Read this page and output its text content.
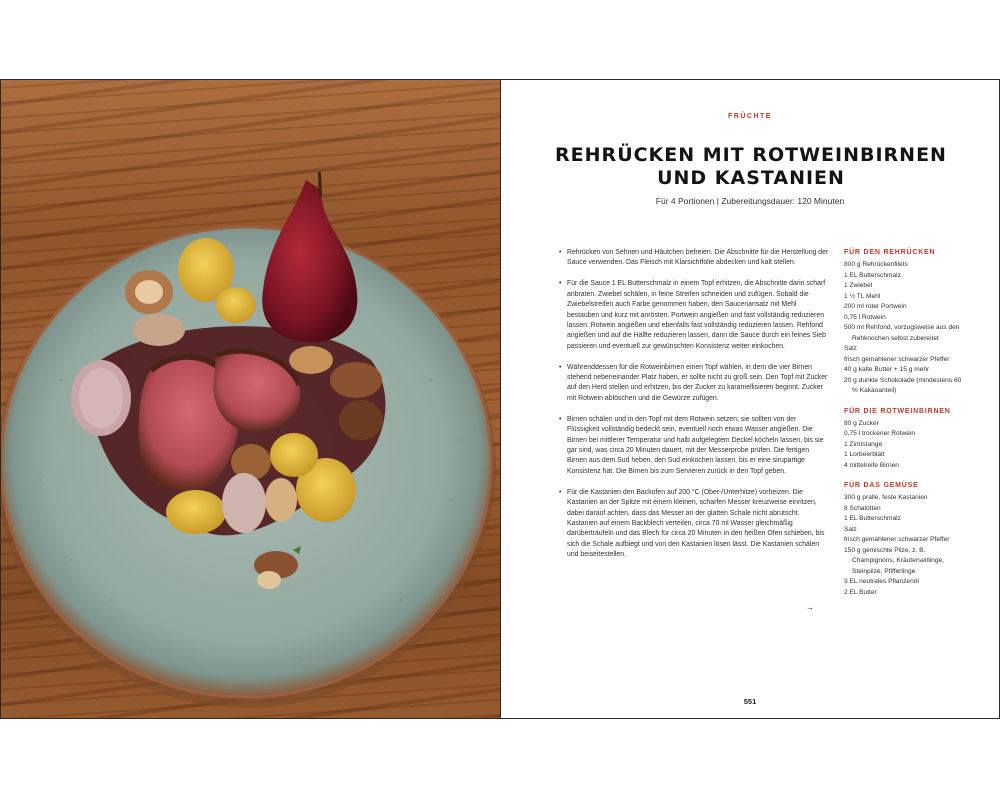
FRÜCHTE
REHRÜCKEN MIT ROTWEINBIRNEN
UND KASTANIEN
Für 4 Portionen | Zubereitungsdauer: 120 Minuten

• Rehrücken von Sehnen und Häutchen befreien. Die Abschnitte für die Herstellung der Sauce verwenden. Das Fleisch mit Klarsichtfolie abdecken und kalt stellen.

• Für die Sauce 1 EL Butterschmalz in einem Topf erhitzen, die Abschnitte darin scharf anbraten. Zwiebel schälen, in feine Streifen schneiden und zufügen. Sobald die Zwiebelstreifen auch Farbe genommen haben, den Saucenansatz mit Mehl bestauben und kurz mit anrösten. Portwein angießen und fast vollständig reduzieren lassen. Rotwein angießen und ebenfalls fast vollständig reduzieren lassen. Rehfond angießen und auf die Hälfte reduzieren lassen, dann die Sauce durch ein feines Sieb passieren und eventuell zur gewünschten Konsistenz weiter einkochen.

• Währenddessen für die Rotweinbirnen einen Topf wählen, in dem die vier Birnen stehend nebeneinander Platz haben, er sollte nicht zu groß sein. Den Topf mit Zucker auf den Herd stellen und erhitzen, bis der Zucker zu karamellisieren beginnt. Zucker mit Rotwein ablöschen und die Gewürze zufügen.

• Birnen schälen und in den Topf mit dem Rotwein setzen; sie sollten von der Flüssigkeit vollständig bedeckt sein, eventuell noch etwas Wasser angießen. Die Birnen bei mittlerer Temperatur und halb aufgelegtem Deckel köcheln lassen, bis sie gar sind, was circa 20 Minuten dauert, mit der Messerprobe prüfen. Die fertigen Birnen aus dem Sud heben, den Sud einkochen lassen, bis er eine sirupartige Konsistenz hat. Die Birnen bis zum Servieren zurück in den Topf geben.

• Für die Kastanien den Backofen auf 200 °C (Ober-/Unterhitze) vorheizen. Die Kastanien an der Spitze mit einem kleinen, scharfen Messer kreuzweise einritzen, dabei darauf achten, dass das Messer an der glatten Schale nicht abrutscht. Kastanien auf einem Backblech verteilen, circa 70 ml Wasser gleichmäßig darüberträufeln und das Blech für circa 20 Minuten in den heißen Ofen schieben, bis sich die Schale aufbiegt und von den Kastanien lösen lässt. Die Kastanien schälen und beiseitestellen.

→
FÜR DEN REHRÜCKEN
800 g Rehrückenfilets
1 EL Butterschmalz
1 Zwiebel
1 ½ TL Mehl
200 ml roter Portwein
0,75 l Rotwein
500 ml Rehfond, vorzugsweise aus den Rehknochen selbst zubereitet
Salz
frisch gemahlener schwarzer Pfeffer
40 g kalte Butter + 15 g mehr
20 g dunkle Schokolade (mindestens 60 % Kakaoanteil)
FÜR DIE ROTWEINBIRNEN
80 g Zucker
0,75 l trockener Rotwein
1 Zimtstange
1 Lorbeerblatt
4 mittelreife Birnen
FÜR DAS GEMÜSE
300 g pralle, feste Kastanien
8 Schalotten
1 EL Butterschmalz
Salz
frisch gemahlener schwarzer Pfeffer
150 g gemischte Pilze, z. B. Champignons, Kräuterseitlinge, Steinpilze, Pfifferlinge
3 EL neutrales Pflanzenöl
2 EL Butter
551
